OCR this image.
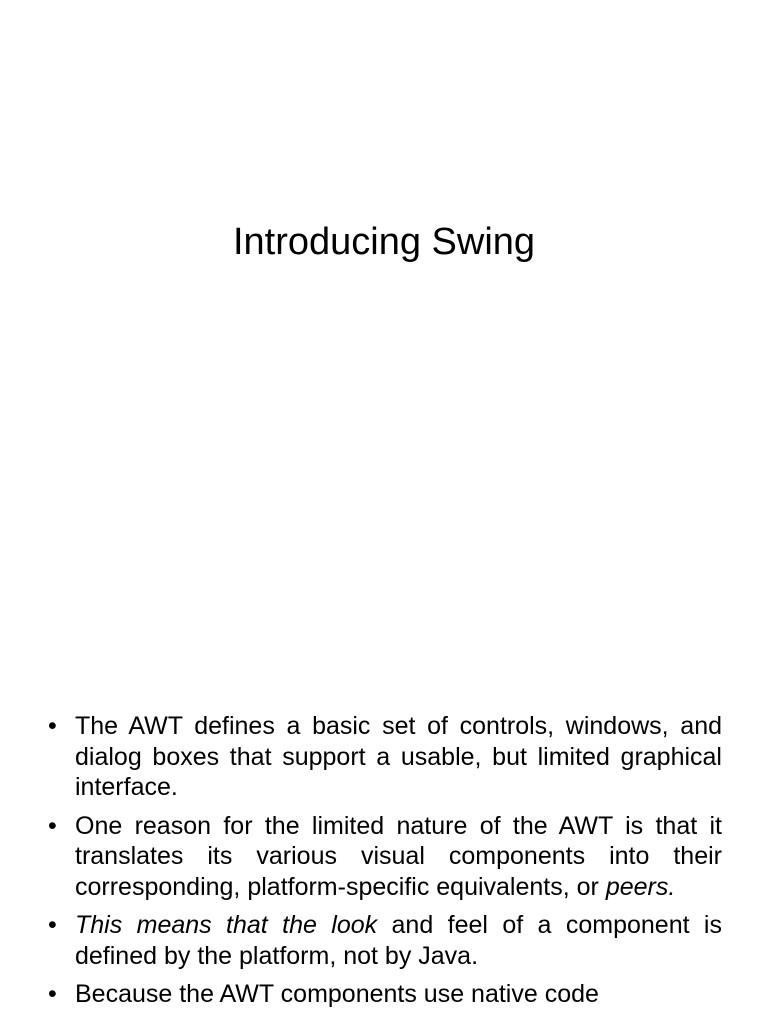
Introducing Swing
• The AWT defines a basic set of controls, windows, and dialog boxes that support a usable, but limited graphical interface.
• One reason for the limited nature of the AWT is that it translates its various visual components into their corresponding, platform-specific equivalents, or peers.
• This means that the look and feel of a component is defined by the platform, not by Java.
• Because the AWT components use native code
